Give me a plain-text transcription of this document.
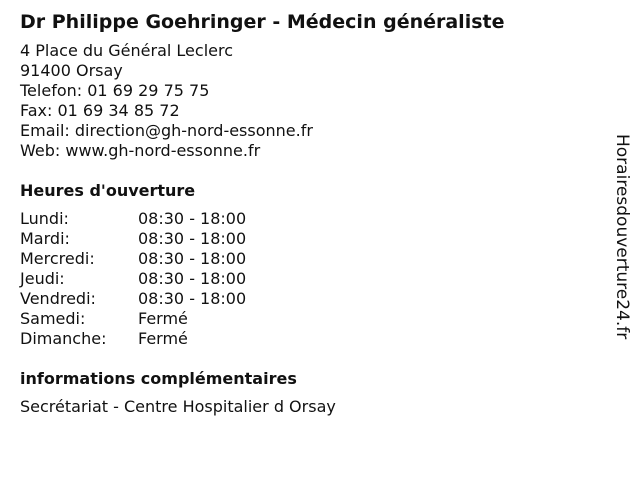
Dr Philippe Goehringer - Médecin généraliste
4 Place du Général Leclerc
91400 Orsay
Telefon: 01 69 29 75 75
Fax: 01 69 34 85 72
Email: direction@gh-nord-essonne.fr
Web: www.gh-nord-essonne.fr
Heures d'ouverture
Lundi:	08:30 - 18:00
Mardi:	08:30 - 18:00
Mercredi:	08:30 - 18:00
Jeudi:	08:30 - 18:00
Vendredi:	08:30 - 18:00
Samedi:	Fermé
Dimanche: Fermé
informations complémentaires
Secrétariat - Centre Hospitalier d Orsay
Horairesdouverture24.fr
